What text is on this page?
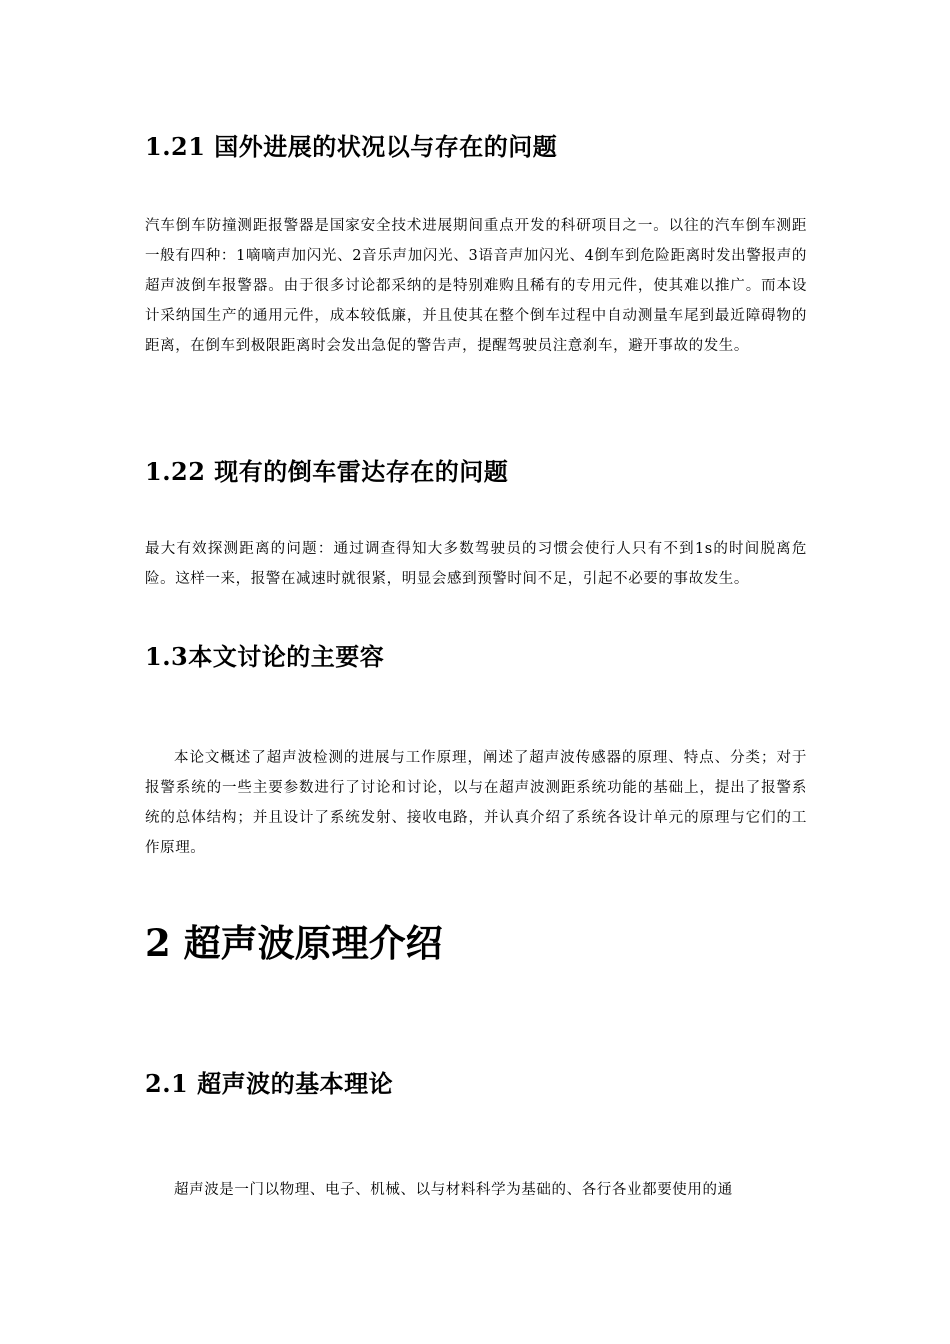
1.21 国外进展的状况以与存在的问题

汽车倒车防撞测距报警器是国家安全技术进展期间重点开发的科研项目之一。以往的汽车倒车测距一般有四种：1嘀嘀声加闪光、2音乐声加闪光、3语音声加闪光、4倒车到危险距离时发出警报声的超声波倒车报警器。由于很多讨论都采纳的是特别难购且稀有的专用元件，使其难以推广。而本设计采纳国生产的通用元件，成本较低廉，并且使其在整个倒车过程中自动测量车尾到最近障碍物的距离，在倒车到极限距离时会发出急促的警告声，提醒驾驶员注意刹车，避开事故的发生。

1.22 现有的倒车雷达存在的问题

最大有效探测距离的问题：通过调查得知大多数驾驶员的习惯会使行人只有不到1s的时间脱离危险。这样一来，报警在减速时就很紧，明显会感到预警时间不足，引起不必要的事故发生。

1.3本文讨论的主要容

本论文概述了超声波检测的进展与工作原理，阐述了超声波传感器的原理、特点、分类；对于报警系统的一些主要参数进行了讨论和讨论，以与在超声波测距系统功能的基础上，提出了报警系统的总体结构；并且设计了系统发射、接收电路，并认真介绍了系统各设计单元的原理与它们的工作原理。

2 超声波原理介绍
2.1 超声波的基本理论

超声波是一门以物理、电子、机械、以与材料科学为基础的、各行各业都要使用的通
